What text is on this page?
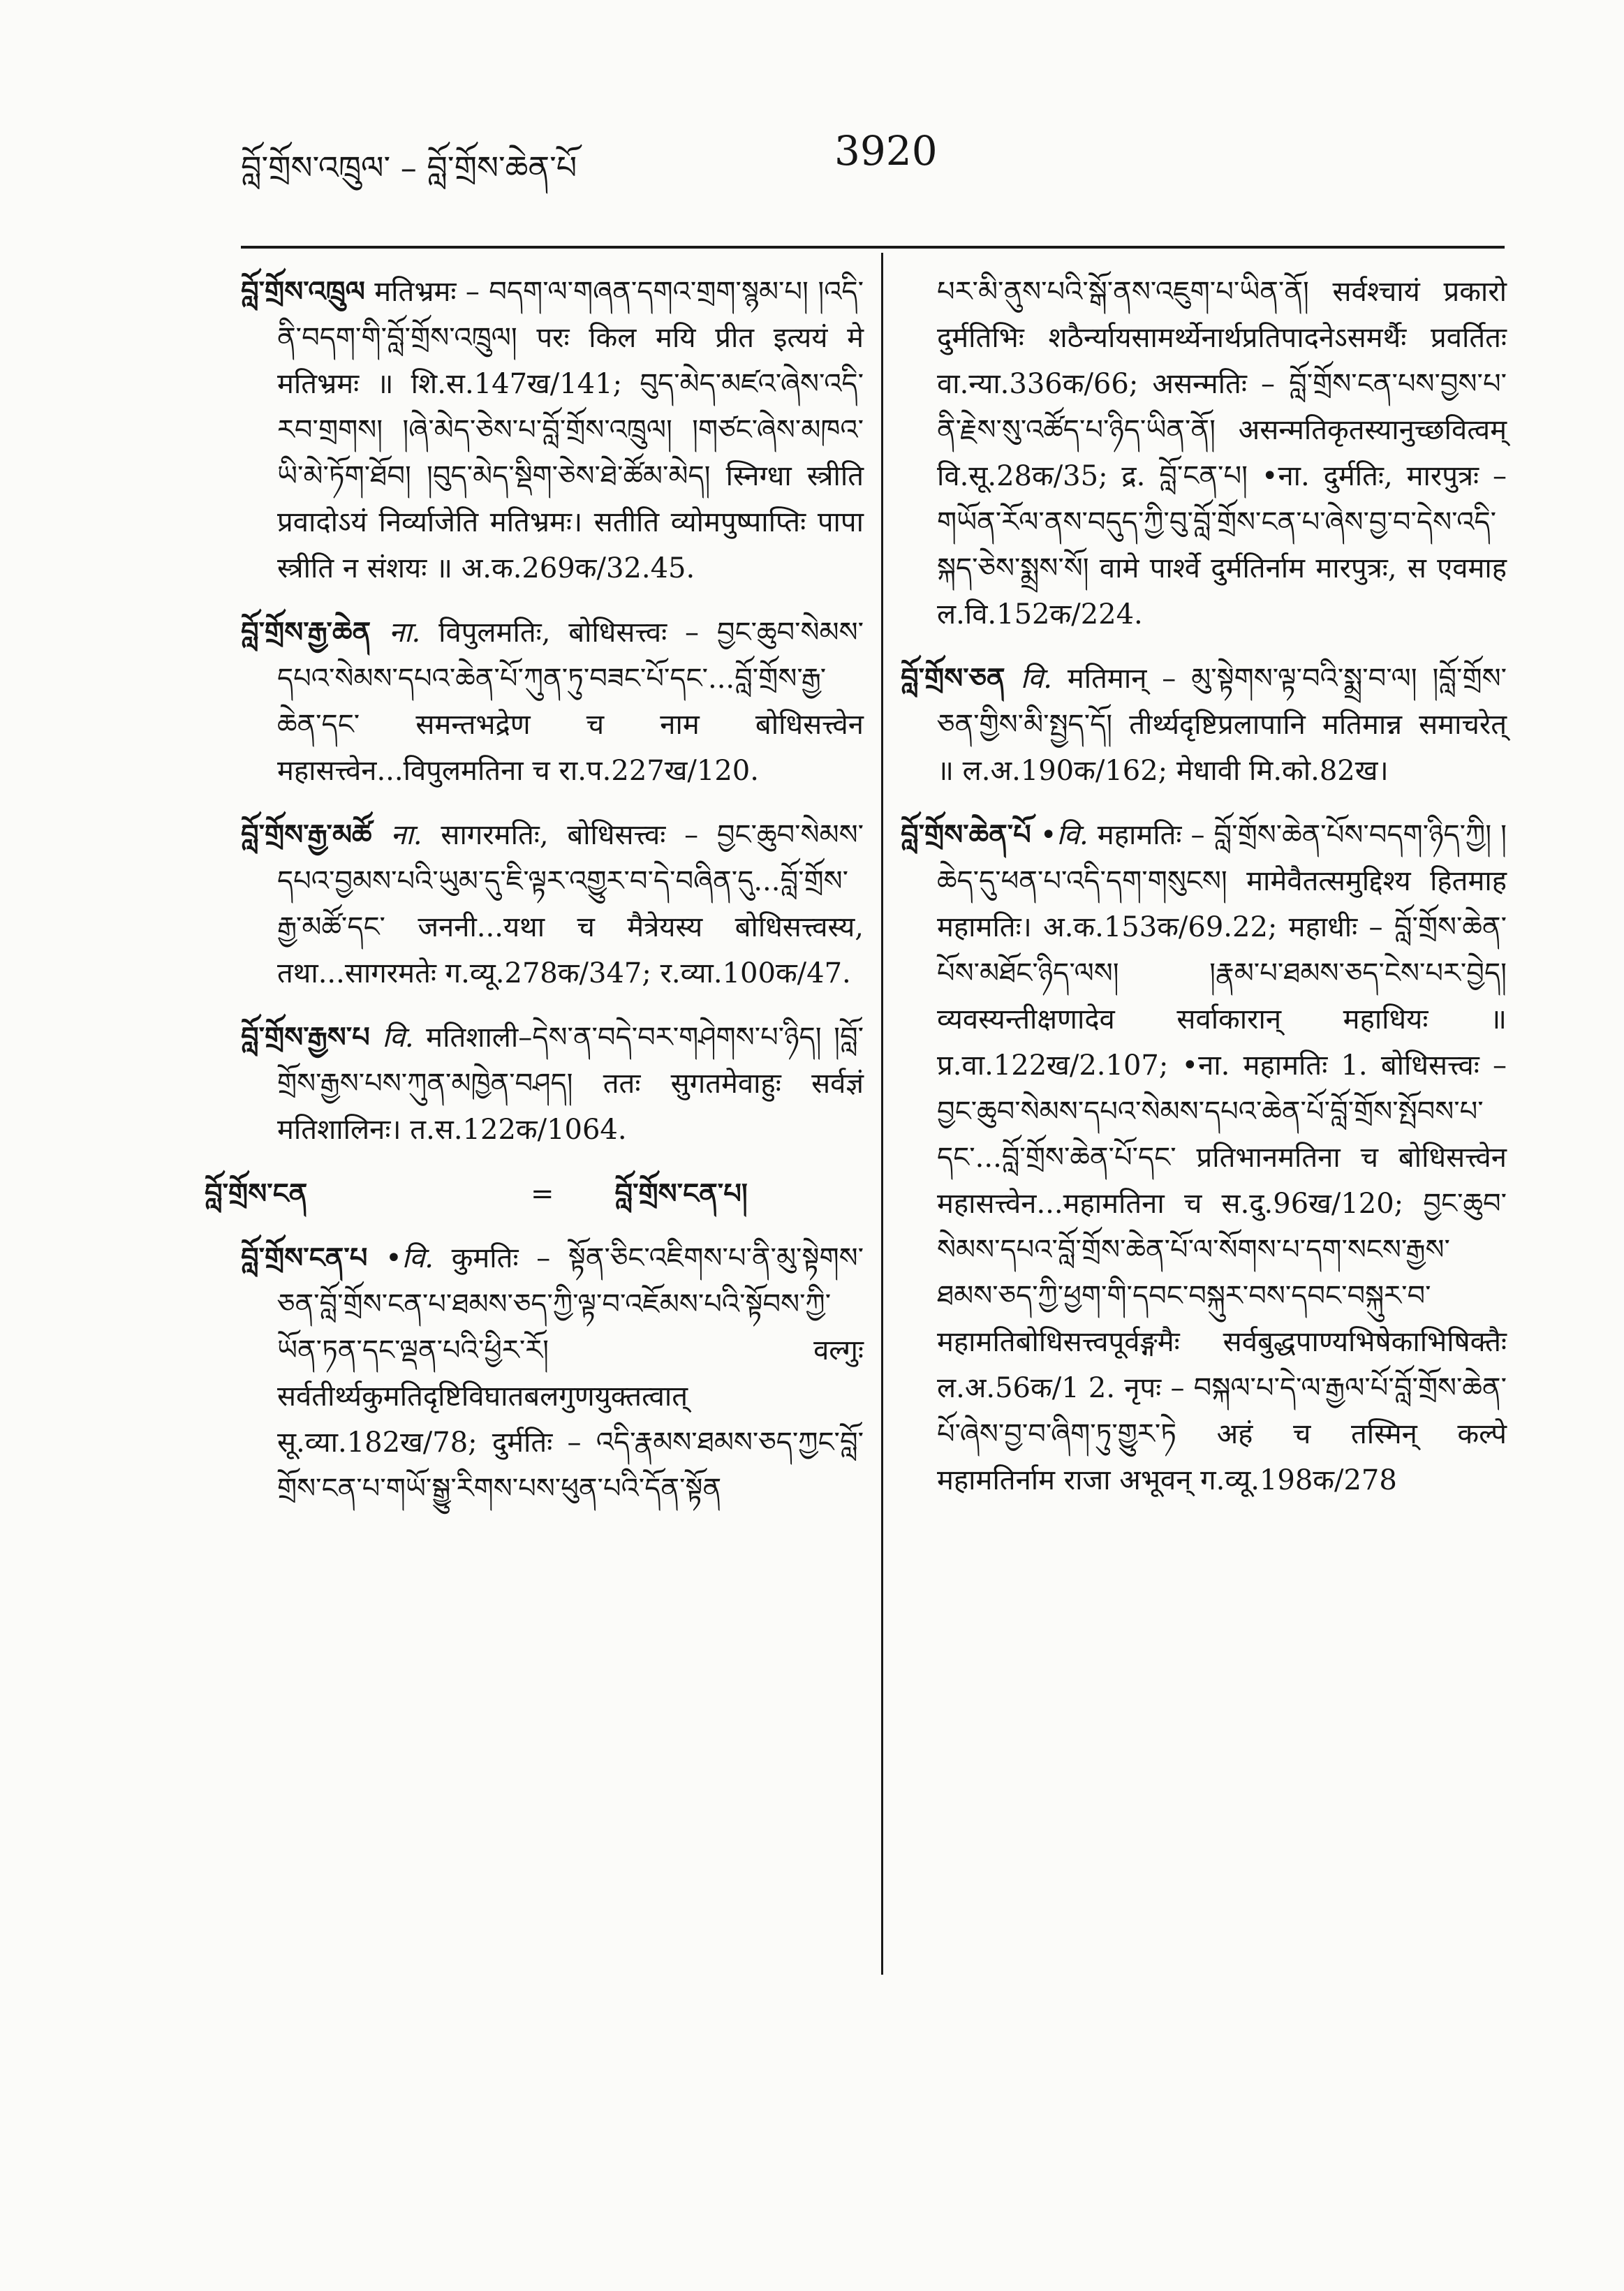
བློ་གྲོས་འཁྲུལ་ – བློ་གྲོས་ཆེན་པོ	3920

བློ་གྲོས་འཁྲུལ मतिभ्रमः – བདག་ལ་གཞན་དགའ་གྲག་སྙམ་པ། །འདི་ནི་བདག་གི་བློ་གྲོས་འཁྲུལ། परः किल मयि प्रीत इत्ययं मे मतिभ्रमः ॥ शि.स.147ख/141; བུད་མེད་མཛའ་ཞེས་འདི་རབ་གྲགས། །ཞེ་མེད་ཅེས་པ་བློ་གྲོས་འཁྲུལ། །གཙང་ཞེས་མཁའ་ཡི་མེ་ཏོག་ཐོབ། །བུད་མེད་སྡིག་ཅེས་ཐེ་ཚོམ་མེད། स्निग्धा स्त्रीति प्रवादोऽयं निर्व्याजेति मतिभ्रमः। सतीति व्योमपुष्पाप्तिः पापा स्त्रीति न संशयः ॥ अ.क.269क/32.45.

བློ་གྲོས་རྒྱ་ཆེན ना. विपुलमतिः, बोधिसत्त्वः – བྱང་ཆུབ་སེམས་དཔའ་སེམས་དཔའ་ཆེན་པོ་ཀུན་ཏུ་བཟང་པོ་དང་...བློ་གྲོས་རྒྱ་ཆེན་དང་ समन्तभद्रेण च नाम बोधिसत्त्वेन महासत्त्वेन...विपुलमतिना च रा.प.227ख/120.

བློ་གྲོས་རྒྱ་མཚོ ना. सागरमतिः, बोधिसत्त्वः – བྱང་ཆུབ་སེམས་དཔའ་བྱམས་པའི་ཡུམ་དུ་ཇི་ལྟར་འགྱུར་བ་དེ་བཞིན་དུ...བློ་གྲོས་རྒྱ་མཚོ་དང་ जननी...यथा च मैत्रेयस्य बोधिसत्त्वस्य, तथा...सागरमतेः ग.व्यू.278क/347; र.व्या.100क/47.

བློ་གྲོས་རྒྱས་པ वि. मतिशाली–དེས་ན་བདེ་བར་གཤེགས་པ་ཉིད། །བློ་གྲོས་རྒྱས་པས་ཀུན་མཁྱེན་བཤད། ततः सुगतमेवाहुः सर्वज्ञं मतिशालिनः। त.स.122क/1064.

བློ་གྲོས་ངན	= བློ་གྲོས་ངན་པ།

བློ་གྲོས་ངན་པ •वि. कुमतिः – སྟོན་ཅིང་འཇིགས་པ་ནི་མུ་སྟེགས་ཅན་བློ་གྲོས་ངན་པ་ཐམས་ཅད་ཀྱི་ལྟ་བ་འཇོམས་པའི་སྟོབས་ཀྱི་ཡོན་ཏན་དང་ལྡན་པའི་ཕྱིར་རོ། वल्गुः सर्वतीर्थ्यकुमतिदृष्टिविघातबलगुणयुक्तत्वात् सू.व्या.182ख/78; दुर्मतिः – འདི་རྣམས་ཐམས་ཅད་ཀྱང་བློ་གྲོས་ངན་པ་གཡོ་སྒྱུ་རིགས་པས་ཕུན་པའི་དོན་སྟོན

པར་མི་ནུས་པའི་སྒོ་ནས་འཇུག་པ་ཡིན་ནོ། सर्वश्चायं प्रकारो दुर्मतिभिः शठैर्न्यायसामर्थ्येनार्थप्रतिपादनेऽसमर्थैः प्रवर्तितः वा.न्या.336क/66; असन्मतिः – བློ་གྲོས་ངན་པས་བྱས་པ་ནི་རྗེས་སུ་འཚོད་པ་ཉིད་ཡིན་ནོ། असन्मतिकृतस्यानुच्छवित्वम् वि.सू.28क/35; द्र. བློ་ངན་པ། •ना. दुर्मतिः, मारपुत्रः – གཡོན་རོལ་ནས་བདུད་ཀྱི་བུ་བློ་གྲོས་ངན་པ་ཞེས་བྱ་བ་དེས་འདི་སྐད་ཅེས་སྨྲས་སོ། वामे पार्श्वे दुर्मतिर्नाम मारपुत्रः, स एवमाह ल.वि.152क/224.

བློ་གྲོས་ཅན वि. मतिमान् – མུ་སྟེགས་ལྟ་བའི་སྨྲ་བ་ལ། །བློ་གྲོས་ཅན་གྱིས་མི་སྤྱད་དོ། तीर्थ्यदृष्टिप्रलापानि मतिमान्न समाचरेत् ॥ ल.अ.190क/162; मेधावी मि.को.82ख।

བློ་གྲོས་ཆེན་པོ •वि. महामतिः – བློ་གྲོས་ཆེན་པོས་བདག་ཉིད་ཀྱི། །ཆེད་དུ་ཕན་པ་འདི་དག་གསུངས། मामेवैतत्समुद्दिश्य हितमाह महामतिः। अ.क.153क/69.22; महाधीः – བློ་གྲོས་ཆེན་པོས་མཐོང་ཉིད་ལས། །རྣམ་པ་ཐམས་ཅད་ངེས་པར་བྱེད། व्यवस्यन्तीक्षणादेव सर्वाकारान् महाधियः ॥ प्र.वा.122ख/2.107; •ना. महामतिः 1. बोधिसत्त्वः – བྱང་ཆུབ་སེམས་དཔའ་སེམས་དཔའ་ཆེན་པོ་བློ་གྲོས་སྤོབས་པ་དང་...བློ་གྲོས་ཆེན་པོ་དང་ प्रतिभानमतिना च बोधिसत्त्वेन महासत्त्वेन...महामतिना च स.दु.96ख/120; བྱང་ཆུབ་སེམས་དཔའ་བློ་གྲོས་ཆེན་པོ་ལ་སོགས་པ་དག་སངས་རྒྱས་ཐམས་ཅད་ཀྱི་ཕྱག་གི་དབང་བསྐུར་བས་དབང་བསྐུར་བ་ महामतिबोधिसत्त्वपूर्वङ्गमैः सर्वबुद्धपाण्यभिषेकाभिषिक्तैः ल.अ.56क/1 2. नृपः – བསྐལ་པ་དེ་ལ་རྒྱལ་པོ་བློ་གྲོས་ཆེན་པོ་ཞེས་བྱ་བ་ཞིག་ཏུ་གྱུར་ཏེ अहं च तस्मिन् कल्पे महामतिर्नाम राजा अभूवन् ग.व्यू.198क/278
